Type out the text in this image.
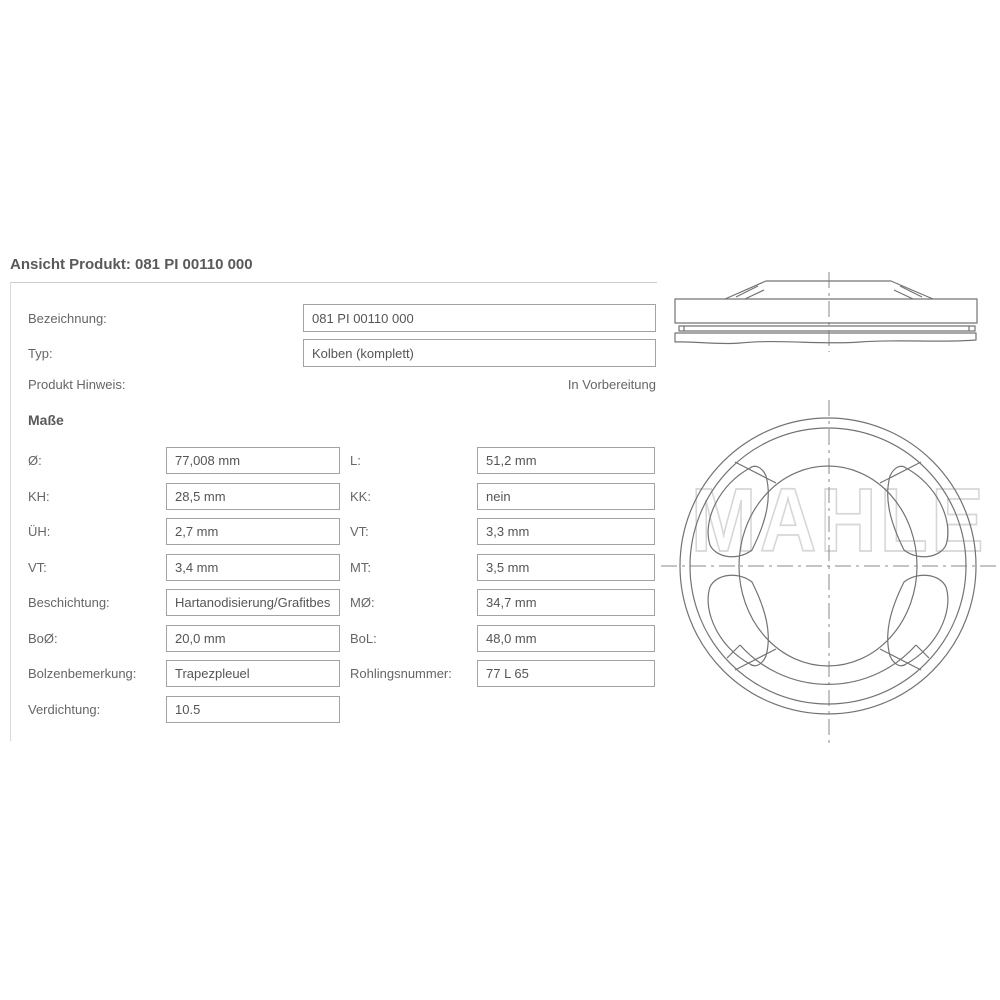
Ansicht Produkt: 081 PI 00110 000
Bezeichnung:
081 PI 00110 000
Typ:
Kolben (komplett)
Produkt Hinweis:	In Vorbereitung
Maße
Ø:
77,008 mm	L:
51,2 mm
KH:
28,5 mm	KK:
nein
ÜH:
2,7 mm	VT:
3,3 mm
VT:
3,4 mm	MT:
3,5 mm
Beschichtung:
Hartanodisierung/Grafitbes	MØ:
34,7 mm
BoØ:
20,0 mm	BoL:
48,0 mm
Bolzenbemerkung:
Trapezpleuel	Rohlingsnummer:
77 L 65
Verdichtung:
10.5
MAHLE
